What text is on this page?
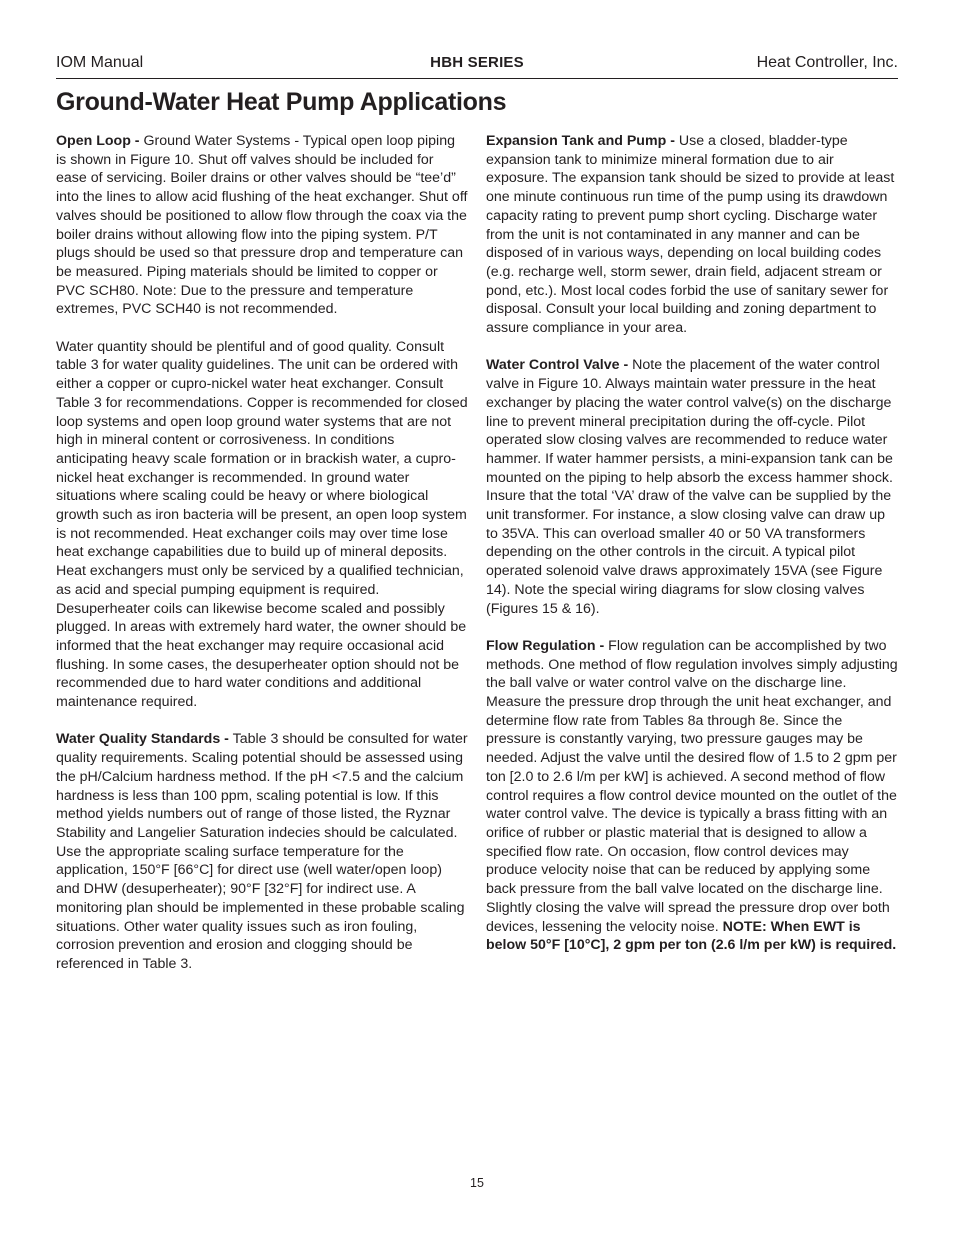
IOM Manual	HBH SERIES	Heat Controller, Inc.
Ground-Water Heat Pump Applications

Open Loop - Ground Water Systems - Typical open loop piping is shown in Figure 10. Shut off valves should be included for ease of servicing. Boiler drains or other valves should be “tee’d” into the lines to allow acid flushing of the heat exchanger. Shut off valves should be positioned to allow flow through the coax via the boiler drains without allowing flow into the piping system. P/T plugs should be used so that pressure drop and temperature can be measured. Piping materials should be limited to copper or PVC SCH80. Note: Due to the pressure and temperature extremes, PVC SCH40 is not recommended.

Water quantity should be plentiful and of good quality. Consult table 3 for water quality guidelines. The unit can be ordered with either a copper or cupro-nickel water heat exchanger. Consult Table 3 for recommendations. Copper is recommended for closed loop systems and open loop ground water systems that are not high in mineral content or corrosiveness. In conditions anticipating heavy scale formation or in brackish water, a cupro-nickel heat exchanger is recommended. In ground water situations where scaling could be heavy or where biological growth such as iron bacteria will be present, an open loop system is not recommended. Heat exchanger coils may over time lose heat exchange capabilities due to build up of mineral deposits. Heat exchangers must only be serviced by a qualified technician, as acid and special pumping equipment is required. Desuperheater coils can likewise become scaled and possibly plugged. In areas with extremely hard water, the owner should be informed that the heat exchanger may require occasional acid flushing. In some cases, the desuperheater option should not be recommended due to hard water conditions and additional maintenance required.

Water Quality Standards - Table 3 should be consulted for water quality requirements. Scaling potential should be assessed using the pH/Calcium hardness method. If the pH <7.5 and the calcium hardness is less than 100 ppm, scaling potential is low. If this method yields numbers out of range of those listed, the Ryznar Stability and Langelier Saturation indecies should be calculated. Use the appropriate scaling surface temperature for the application, 150°F [66°C] for direct use (well water/open loop) and DHW (desuperheater); 90°F [32°F] for indirect use. A monitoring plan should be implemented in these probable scaling situations. Other water quality issues such as iron fouling, corrosion prevention and erosion and clogging should be referenced in Table 3.

Expansion Tank and Pump - Use a closed, bladder-type expansion tank to minimize mineral formation due to air exposure. The expansion tank should be sized to provide at least one minute continuous run time of the pump using its drawdown capacity rating to prevent pump short cycling. Discharge water from the unit is not contaminated in any manner and can be disposed of in various ways, depending on local building codes (e.g. recharge well, storm sewer, drain field, adjacent stream or pond, etc.). Most local codes forbid the use of sanitary sewer for disposal. Consult your local building and zoning department to assure compliance in your area.

Water Control Valve - Note the placement of the water control valve in Figure 10. Always maintain water pressure in the heat exchanger by placing the water control valve(s) on the discharge line to prevent mineral precipitation during the off-cycle. Pilot operated slow closing valves are recommended to reduce water hammer. If water hammer persists, a mini-expansion tank can be mounted on the piping to help absorb the excess hammer shock. Insure that the total ‘VA’ draw of the valve can be supplied by the unit transformer. For instance, a slow closing valve can draw up to 35VA. This can overload smaller 40 or 50 VA transformers depending on the other controls in the circuit. A typical pilot operated solenoid valve draws approximately 15VA (see Figure 14). Note the special wiring diagrams for slow closing valves (Figures 15 & 16).

Flow Regulation - Flow regulation can be accomplished by two methods. One method of flow regulation involves simply adjusting the ball valve or water control valve on the discharge line. Measure the pressure drop through the unit heat exchanger, and determine flow rate from Tables 8a through 8e. Since the pressure is constantly varying, two pressure gauges may be needed. Adjust the valve until the desired flow of 1.5 to 2 gpm per ton [2.0 to 2.6 l/m per kW] is achieved. A second method of flow control requires a flow control device mounted on the outlet of the water control valve. The device is typically a brass fitting with an orifice of rubber or plastic material that is designed to allow a specified flow rate. On occasion, flow control devices may produce velocity noise that can be reduced by applying some back pressure from the ball valve located on the discharge line. Slightly closing the valve will spread the pressure drop over both devices, lessening the velocity noise. NOTE: When EWT is below 50°F [10°C], 2 gpm per ton (2.6 l/m per kW) is required.

15
